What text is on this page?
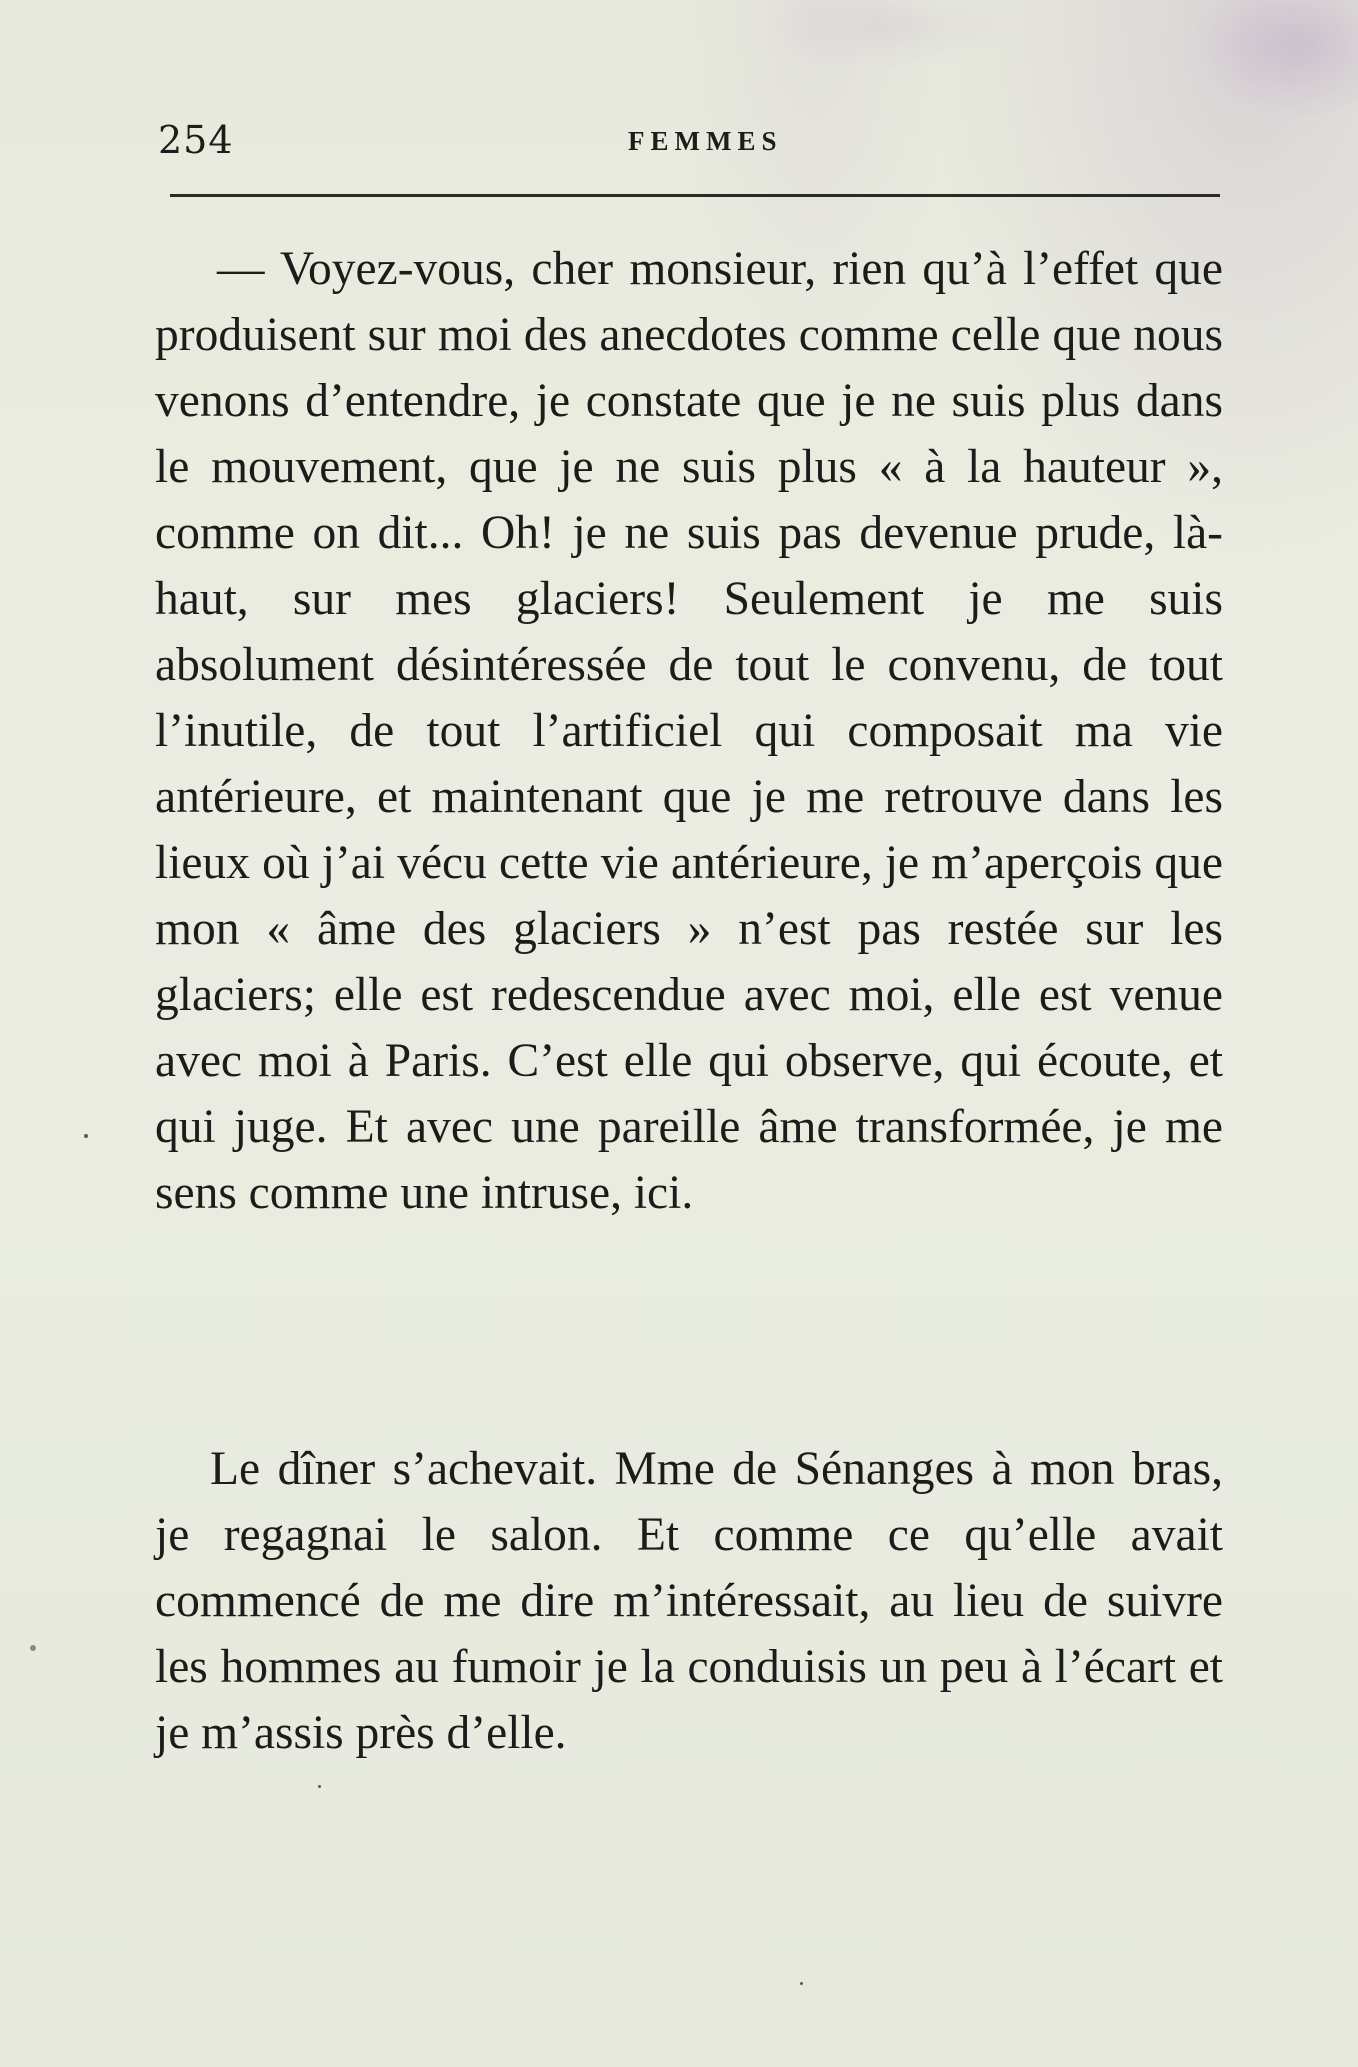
254	FEMMES

— Voyez-vous, cher monsieur, rien qu’à l’effet que produisent sur moi des anecdotes comme celle que nous venons d’entendre, je constate que je ne suis plus dans le mouvement, que je ne suis plus « à la hauteur », comme on dit... Oh! je ne suis pas devenue prude, là-haut, sur mes glaciers! Seulement je me suis absolument désintéressée de tout le convenu, de tout l’inutile, de tout l’artificiel qui composait ma vie antérieure, et maintenant que je me retrouve dans les lieux où j’ai vécu cette vie antérieure, je m’aperçois que mon « âme des glaciers » n’est pas restée sur les glaciers; elle est redescendue avec moi, elle est venue avec moi à Paris. C’est elle qui observe, qui écoute, et qui juge. Et avec une pareille âme transformée, je me sens comme une intruse, ici.

Le dîner s’achevait. Mme de Sénanges à mon bras, je regagnai le salon. Et comme ce qu’elle avait commencé de me dire m’intéressait, au lieu de suivre les hommes au fumoir je la conduisis un peu à l’écart et je m’assis près d’elle.
